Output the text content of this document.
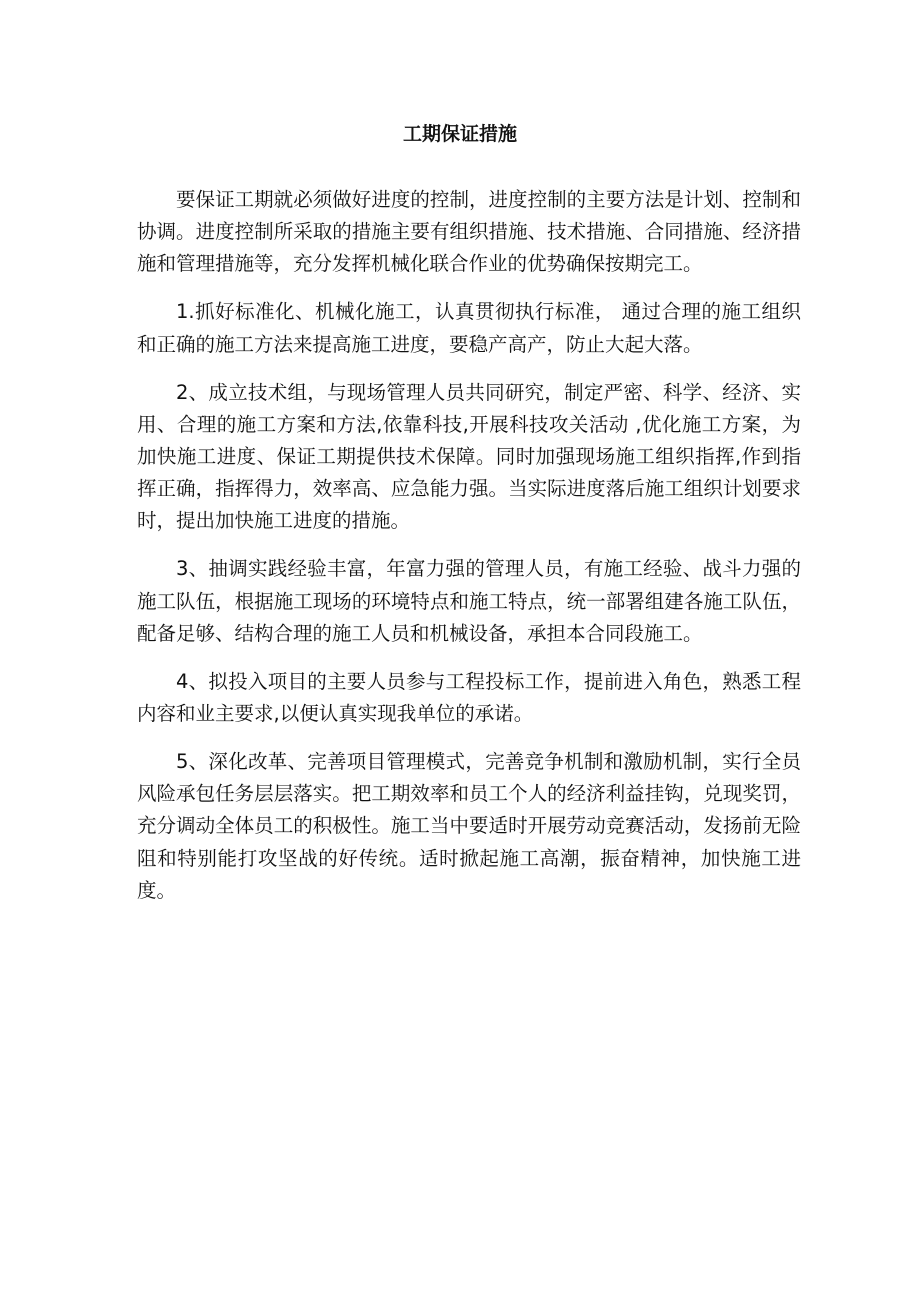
工期保证措施

要保证工期就必须做好进度的控制，进度控制的主要方法是计划、控制和协调。进度控制所采取的措施主要有组织措施、技术措施、合同措施、经济措施和管理措施等，充分发挥机械化联合作业的优势确保按期完工。

1.抓好标准化、机械化施工，认真贯彻执行标准， 通过合理的施工组织和正确的施工方法来提高施工进度，要稳产高产，防止大起大落。

2、成立技术组，与现场管理人员共同研究，制定严密、科学、经济、实用、合理的施工方案和方法,依靠科技,开展科技攻关活动 ,优化施工方案，为加快施工进度、保证工期提供技术保障。同时加强现场施工组织指挥,作到指挥正确，指挥得力，效率高、应急能力强。当实际进度落后施工组织计划要求时，提出加快施工进度的措施。

3、抽调实践经验丰富，年富力强的管理人员，有施工经验、战斗力强的施工队伍，根据施工现场的环境特点和施工特点，统一部署组建各施工队伍，配备足够、结构合理的施工人员和机械设备，承担本合同段施工。

4、拟投入项目的主要人员参与工程投标工作，提前进入角色，熟悉工程内容和业主要求,以便认真实现我单位的承诺。

5、深化改革、完善项目管理模式，完善竞争机制和激励机制，实行全员风险承包任务层层落实。把工期效率和员工个人的经济利益挂钩，兑现奖罚，充分调动全体员工的积极性。施工当中要适时开展劳动竞赛活动，发扬前无险阻和特别能打攻坚战的好传统。适时掀起施工高潮，振奋精神，加快施工进度。
